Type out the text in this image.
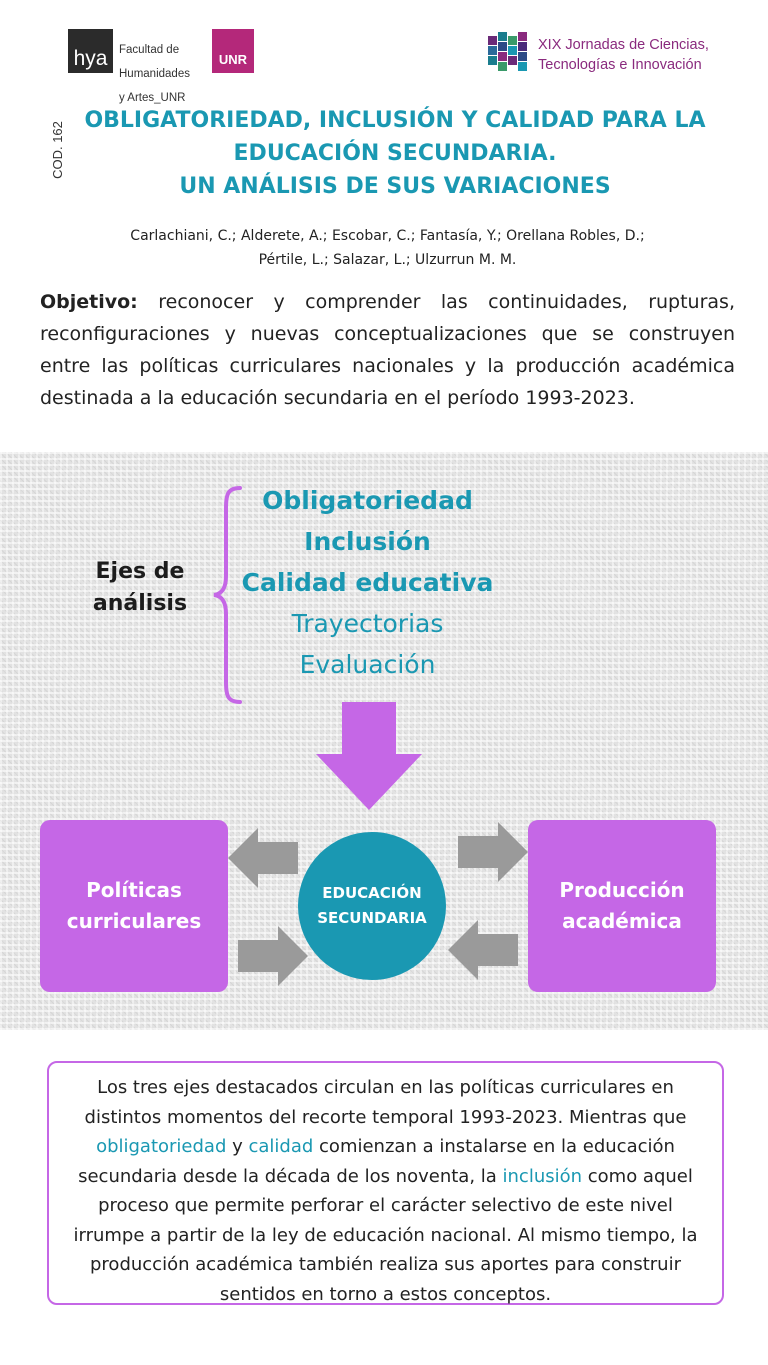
hya	Facultad de

Humanidades

y Artes_UNR

UNR
XIX Jornadas de Ciencias,
Tecnologías e Innovación
COD. 162
OBLIGATORIEDAD, INCLUSIÓN Y CALIDAD PARA LA
EDUCACIÓN SECUNDARIA.
UN ANÁLISIS DE SUS VARIACIONES
Carlachiani, C.; Alderete, A.; Escobar, C.; Fantasía, Y.; Orellana Robles, D.;
Pértile, L.; Salazar, L.; Ulzurrun M. M.
Objetivo: reconocer y comprender las continuidades, rupturas, reconfiguraciones y nuevas conceptualizaciones que se construyen entre las políticas curriculares nacionales y la producción académica destinada a la educación secundaria en el período 1993-2023.
Ejes de
análisis
Obligatoriedad
Inclusión
Calidad educativa
Trayectorias
Evaluación
Políticas
curriculares
Producción
académica
EDUCACIÓN
SECUNDARIA
Los tres ejes destacados circulan en las políticas curriculares en distintos momentos del recorte temporal 1993-2023. Mientras que obligatoriedad y calidad comienzan a instalarse en la educación secundaria desde la década de los noventa, la inclusión como aquel proceso que permite perforar el carácter selectivo de este nivel irrumpe a partir de la ley de educación nacional. Al mismo tiempo, la producción académica también realiza sus aportes para construir sentidos en torno a estos conceptos.
